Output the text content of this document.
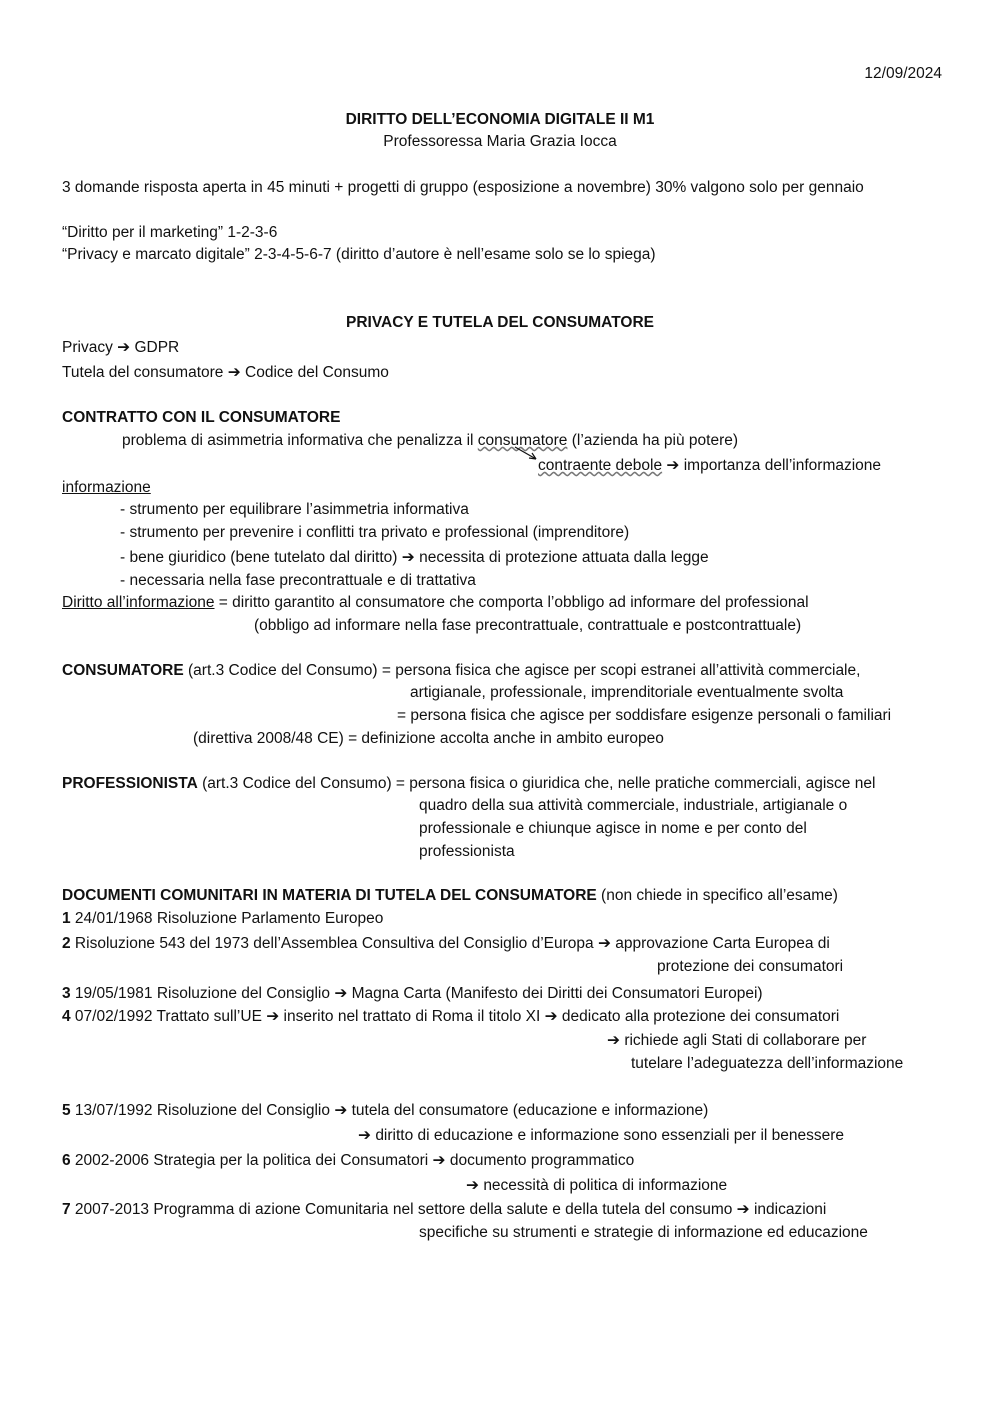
12/09/2024
DIRITTO DELL’ECONOMIA DIGITALE II M1
Professoressa Maria Grazia Iocca
3 domande risposta aperta in 45 minuti + progetti di gruppo (esposizione a novembre) 30% valgono solo per gennaio
“Diritto per il marketing” 1-2-3-6
“Privacy e marcato digitale” 2-3-4-5-6-7 (diritto d’autore è nell’esame solo se lo spiega)
PRIVACY E TUTELA DEL CONSUMATORE
Privacy ➔ GDPR
Tutela del consumatore ➔ Codice del Consumo
CONTRATTO CON IL CONSUMATORE
problema di asimmetria informativa che penalizza il consumatore (l’azienda ha più potere)
contraente debole ➔ importanza dell’informazione
informazione
- strumento per equilibrare l’asimmetria informativa
- strumento per prevenire i conflitti tra privato e professional (imprenditore)
- bene giuridico (bene tutelato dal diritto) ➔ necessita di protezione attuata dalla legge
- necessaria nella fase precontrattuale e di trattativa
Diritto all’informazione = diritto garantito al consumatore che comporta l’obbligo ad informare del professional
(obbligo ad informare nella fase precontrattuale, contrattuale e postcontrattuale)
CONSUMATORE (art.3 Codice del Consumo) = persona fisica che agisce per scopi estranei all’attività commerciale,
artigianale, professionale, imprenditoriale eventualmente svolta
= persona fisica che agisce per soddisfare esigenze personali o familiari
(direttiva 2008/48 CE) = definizione accolta anche in ambito europeo
PROFESSIONISTA (art.3 Codice del Consumo) = persona fisica o giuridica che, nelle pratiche commerciali, agisce nel
quadro della sua attività commerciale, industriale, artigianale o
professionale e chiunque agisce in nome e per conto del
professionista
DOCUMENTI COMUNITARI IN MATERIA DI TUTELA DEL CONSUMATORE (non chiede in specifico all’esame)
1 24/01/1968 Risoluzione Parlamento Europeo
2 Risoluzione 543 del 1973 dell’Assemblea Consultiva del Consiglio d’Europa ➔ approvazione Carta Europea di
protezione dei consumatori
3 19/05/1981 Risoluzione del Consiglio ➔ Magna Carta (Manifesto dei Diritti dei Consumatori Europei)
4 07/02/1992 Trattato sull’UE ➔ inserito nel trattato di Roma il titolo XI ➔ dedicato alla protezione dei consumatori
➔ richiede agli Stati di collaborare per
tutelare l’adeguatezza dell’informazione
5 13/07/1992 Risoluzione del Consiglio ➔ tutela del consumatore (educazione e informazione)
➔ diritto di educazione e informazione sono essenziali per il benessere
6 2002-2006 Strategia per la politica dei Consumatori ➔ documento programmatico
➔ necessità di politica di informazione
7 2007-2013 Programma di azione Comunitaria nel settore della salute e della tutela del consumo ➔ indicazioni
specifiche su strumenti e strategie di informazione ed educazione
